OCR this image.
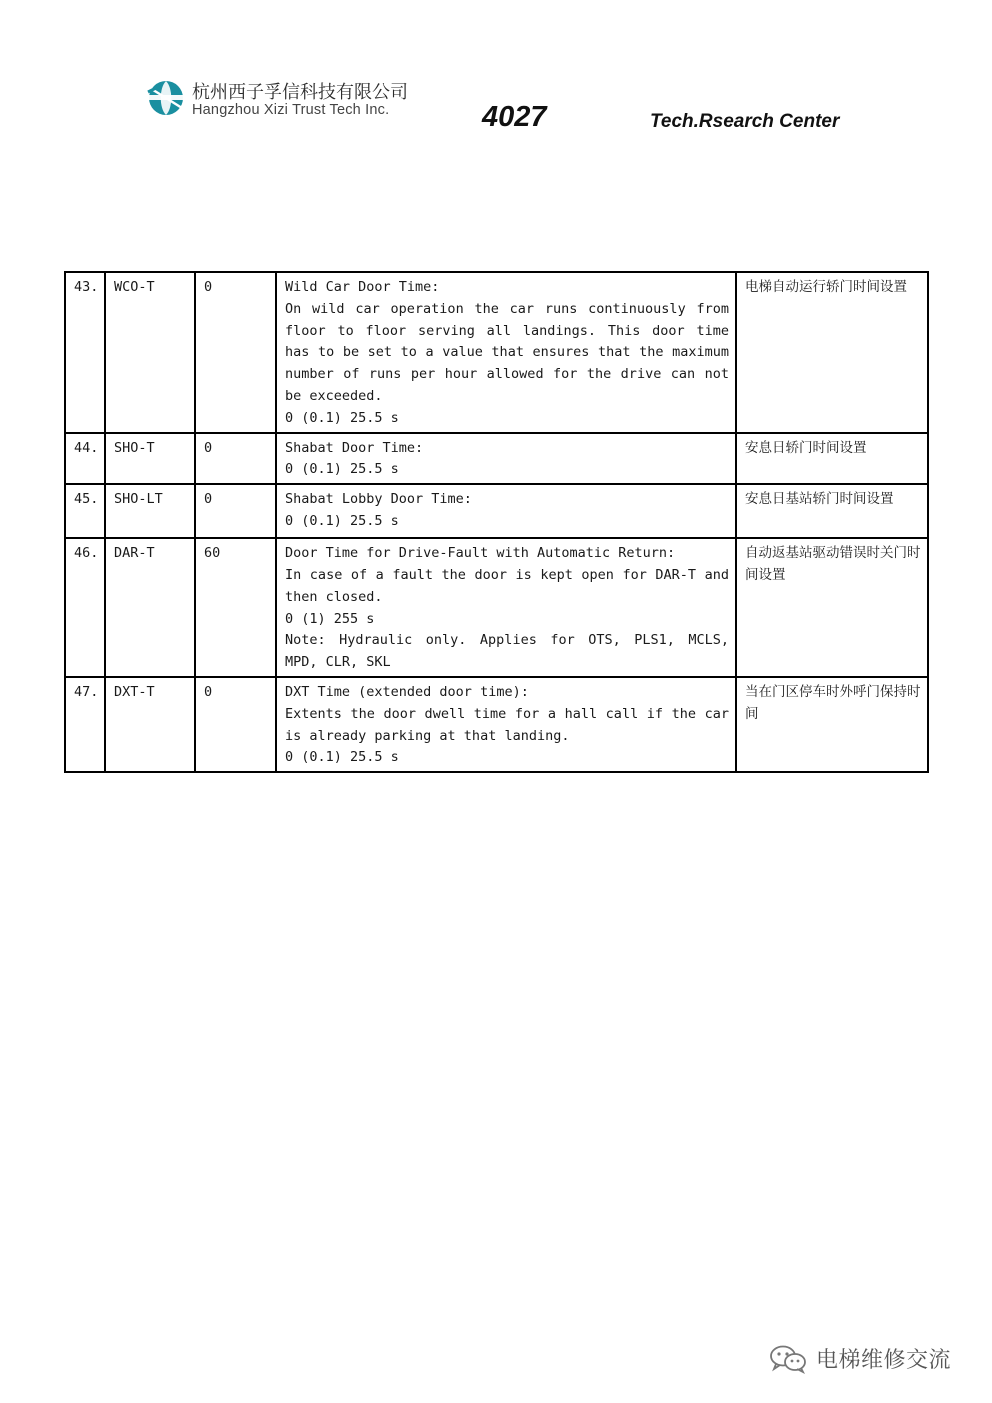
杭州西子孚信科技有限公司
Hangzhou Xizi Trust Tech Inc.	4027	Tech.Rsearch Center
43.	WCO-T	0	Wild Car Door Time:
On wild car operation the car runs continuously from floor to floor serving all landings. This door time has to be set to a value that ensures that the maximum number of runs per hour allowed for the drive can not be exceeded.
0 (0.1) 25.5 s	电梯自动运行轿门时间设置
44.	SHO-T	0	Shabat Door Time:
0 (0.1) 25.5 s	安息日轿门时间设置
45.	SHO-LT	0	Shabat Lobby Door Time:
0 (0.1) 25.5 s	安息日基站轿门时间设置
46.	DAR-T	60	Door Time for Drive-Fault with Automatic Return:
In case of a fault the door is kept open for DAR-T and then closed.
0 (1) 255 s
Note: Hydraulic only. Applies for OTS, PLS1, MCLS, MPD, CLR, SKL	自动返基站驱动错误时关门时间设置
47.	DXT-T	0	DXT Time (extended door time):
Extents the door dwell time for a hall call if the car is already parking at that landing.
0 (0.1) 25.5 s	当在门区停车时外呼门保持时间
电梯维修交流
